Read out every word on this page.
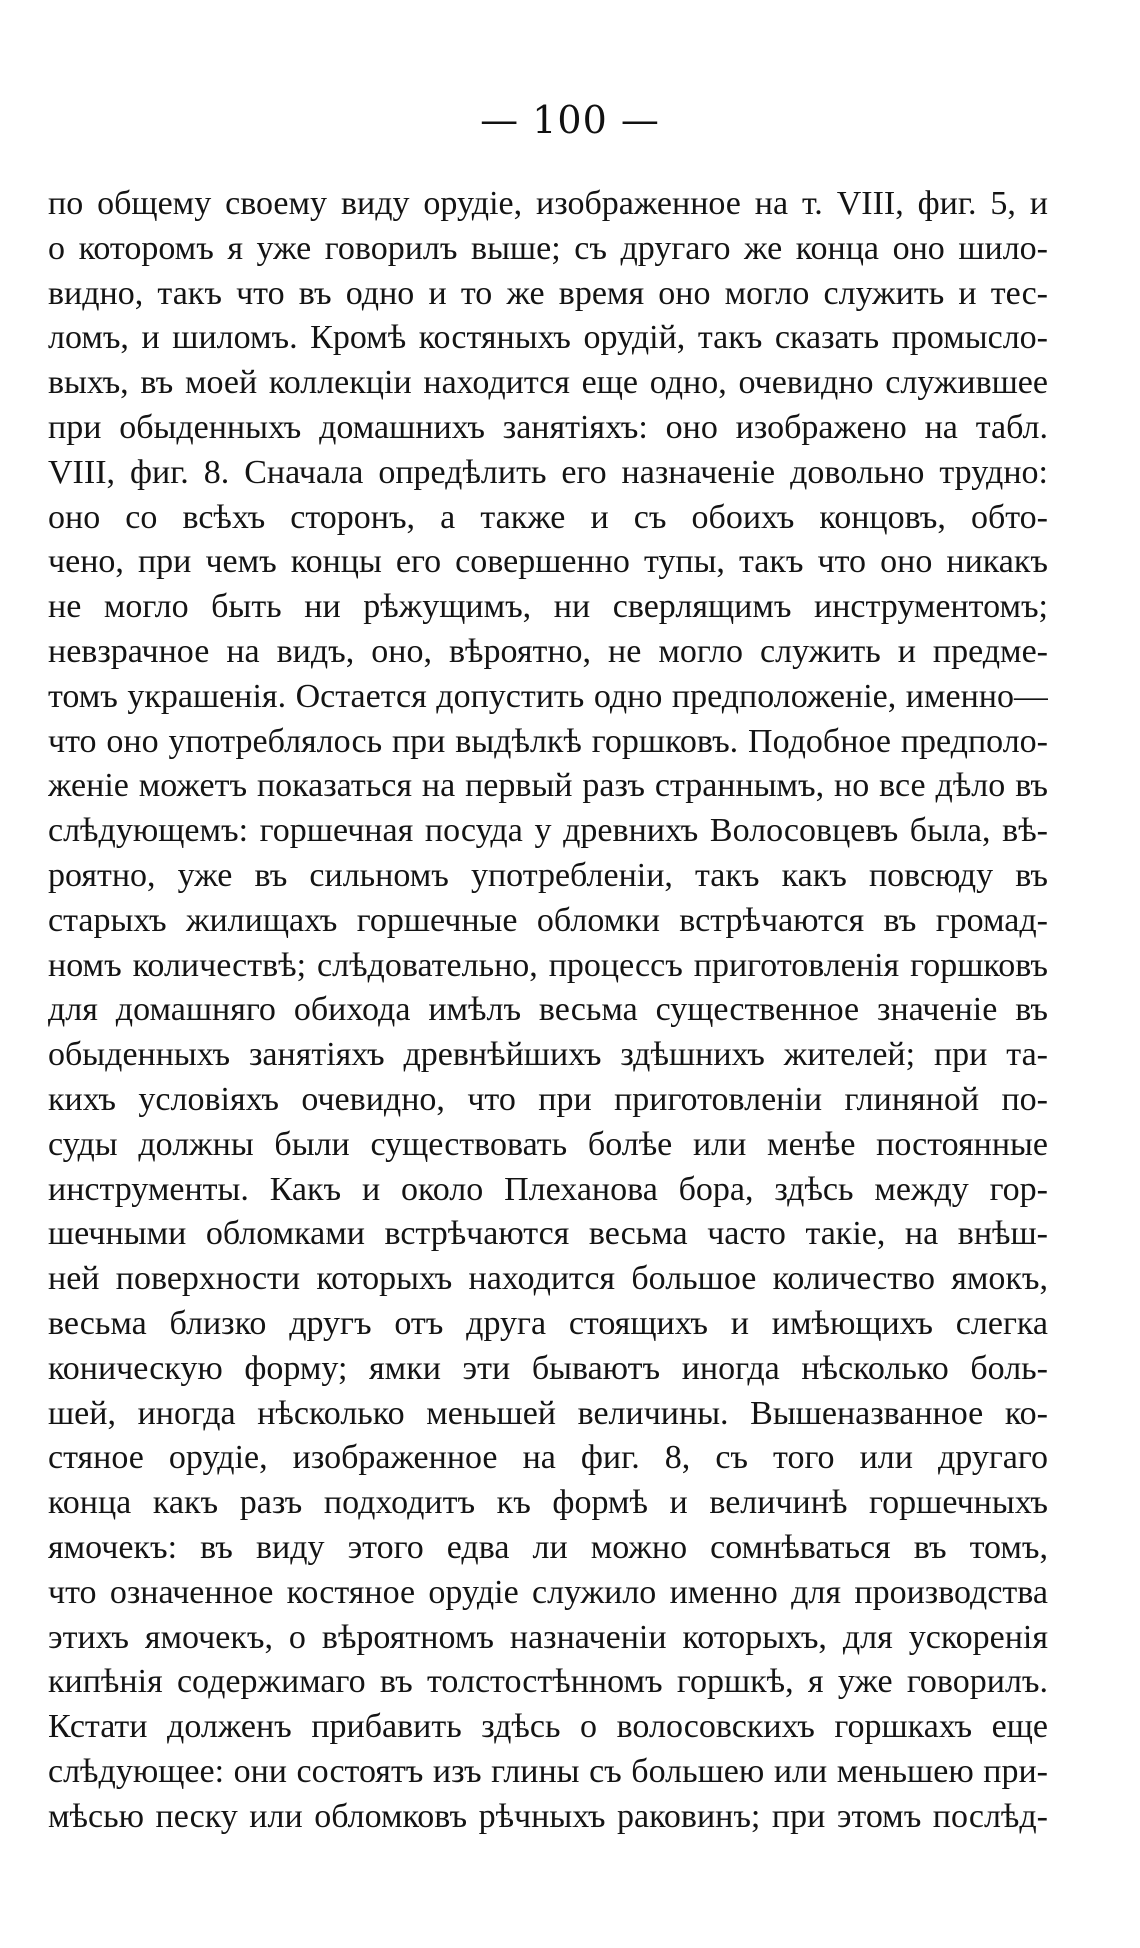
— 100 —
по общему своему виду орудіе, изображенное на т. VIII, фиг. 5, и
о которомъ я уже говорилъ выше; съ другаго же конца оно шило-
видно, такъ что въ одно и то же время оно могло служить и тес-
ломъ, и шиломъ. Кромѣ костяныхъ орудій, такъ сказать промысло-
выхъ, въ моей коллекціи находится еще одно, очевидно служившее
при обыденныхъ домашнихъ занятіяхъ: оно изображено на табл.
VIII, фиг. 8. Сначала опредѣлить его назначеніе довольно трудно:
оно со всѣхъ сторонъ, а также и съ обоихъ концовъ, обто-
чено, при чемъ концы его совершенно тупы, такъ что оно никакъ
не могло быть ни рѣжущимъ, ни сверлящимъ инструментомъ;
невзрачное на видъ, оно, вѣроятно, не могло служить и предме-
томъ украшенія. Остается допустить одно предположеніе, именно—
что оно употреблялось при выдѣлкѣ горшковъ. Подобное предполо-
женіе можетъ показаться на первый разъ страннымъ, но все дѣло въ
слѣдующемъ: горшечная посуда у древнихъ Волосовцевъ была, вѣ-
роятно, уже въ сильномъ употребленіи, такъ какъ повсюду въ
старыхъ жилищахъ горшечные обломки встрѣчаются въ громад-
номъ количествѣ; слѣдовательно, процессъ приготовленія горшковъ
для домашняго обихода имѣлъ весьма существенное значеніе въ
обыденныхъ занятіяхъ древнѣйшихъ здѣшнихъ жителей; при та-
кихъ условіяхъ очевидно, что при приготовленіи глиняной по-
суды должны были существовать болѣе или менѣе постоянные
инструменты. Какъ и около Плеханова бора, здѣсь между гор-
шечными обломками встрѣчаются весьма часто такіе, на внѣш-
ней поверхности которыхъ находится большое количество ямокъ,
весьма близко другъ отъ друга стоящихъ и имѣющихъ слегка
коническую форму; ямки эти бываютъ иногда нѣсколько боль-
шей, иногда нѣсколько меньшей величины. Вышеназванное ко-
стяное орудіе, изображенное на фиг. 8, съ того или другаго
конца какъ разъ подходитъ къ формѣ и величинѣ горшечныхъ
ямочекъ: въ виду этого едва ли можно сомнѣваться въ томъ,
что означенное костяное орудіе служило именно для производства
этихъ ямочекъ, о вѣроятномъ назначеніи которыхъ, для ускоренія
кипѣнія содержимаго въ толстостѣнномъ горшкѣ, я уже говорилъ.
Кстати долженъ прибавить здѣсь о волосовскихъ горшкахъ еще
слѣдующее: они состоятъ изъ глины съ большею или меньшею при-
мѣсью песку или обломковъ рѣчныхъ раковинъ; при этомъ послѣд-
